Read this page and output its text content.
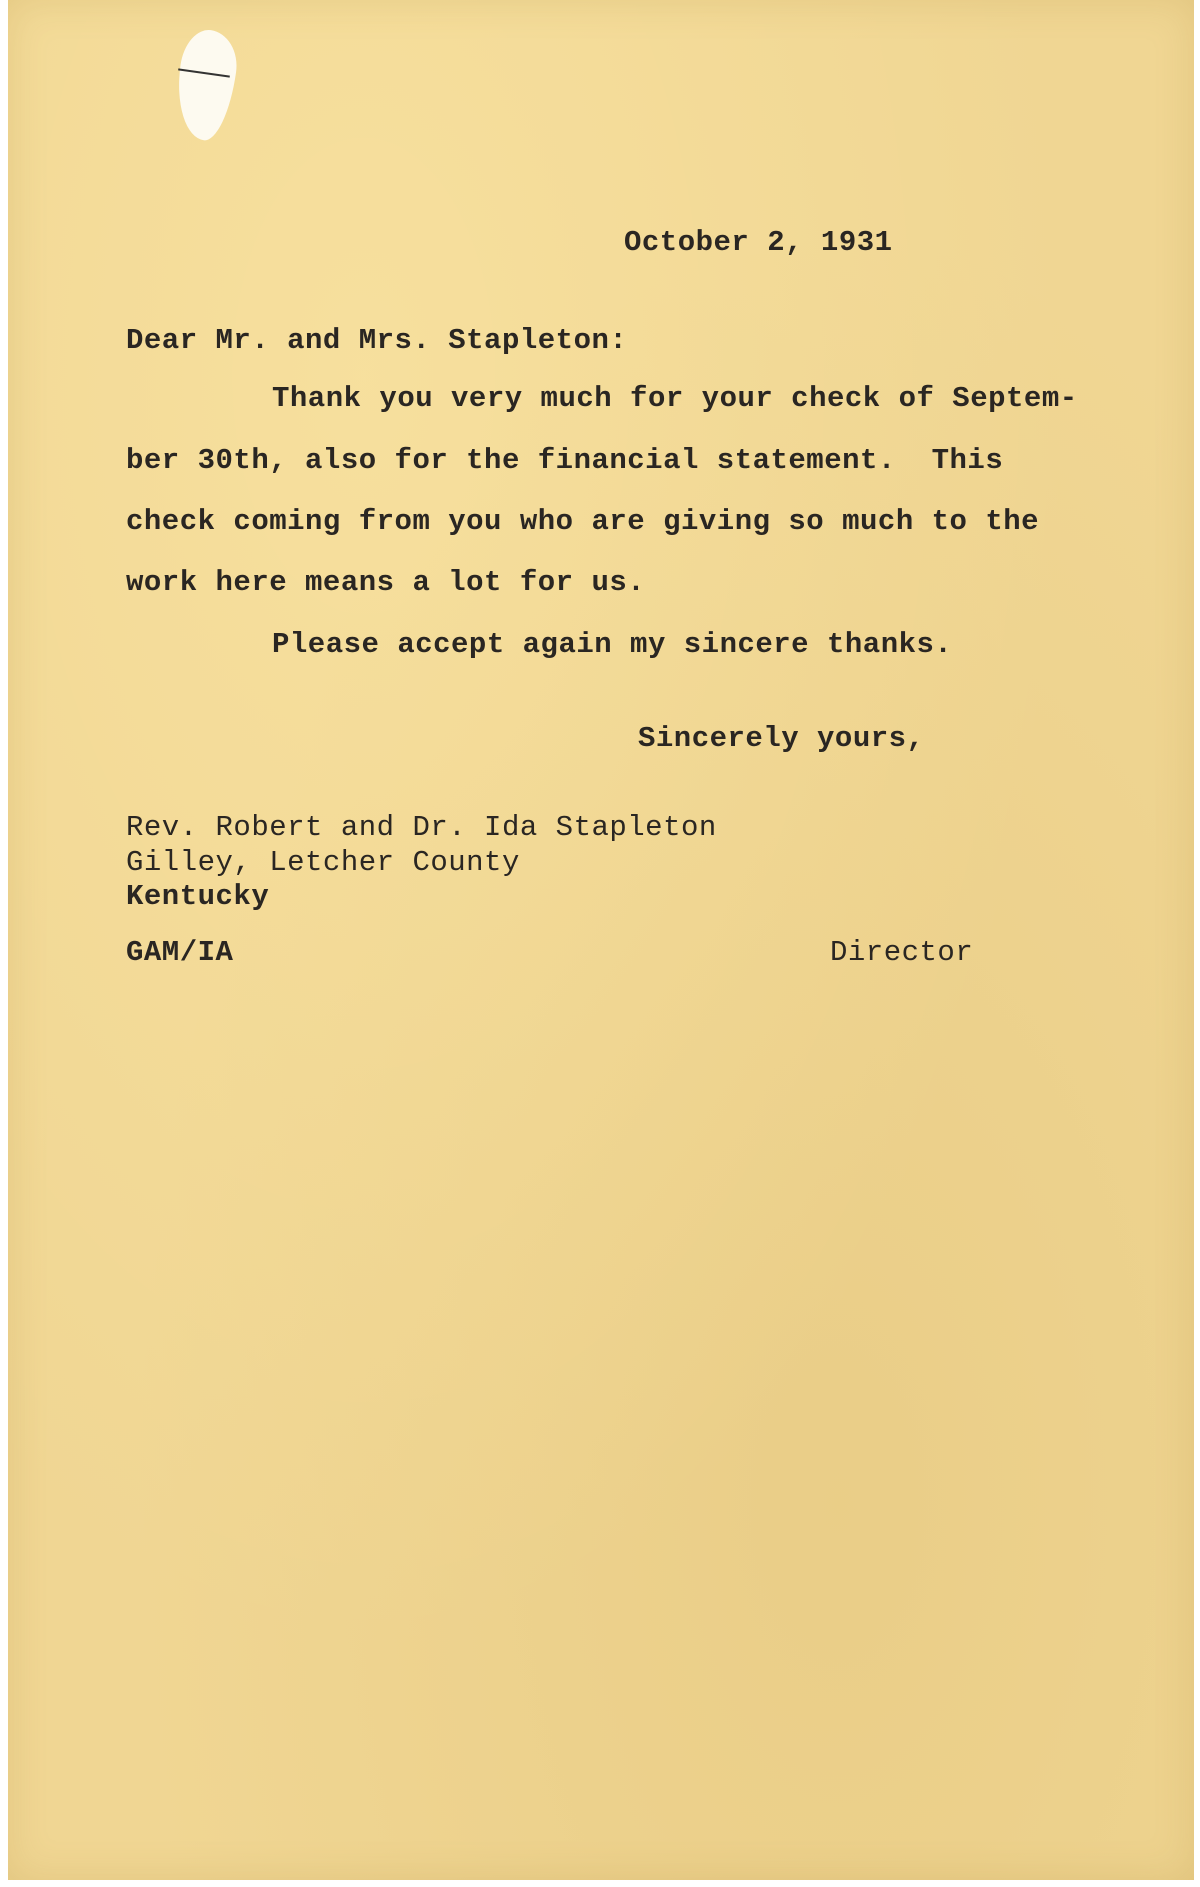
October 2, 1931
Dear Mr. and Mrs. Stapleton:
Thank you very much for your check of Septem-
ber 30th, also for the financial statement.  This
check coming from you who are giving so much to the
work here means a lot for us.
Please accept again my sincere thanks.
Sincerely yours,
Rev. Robert and Dr. Ida Stapleton
Gilley, Letcher County
Kentucky
GAM/IA	Director
